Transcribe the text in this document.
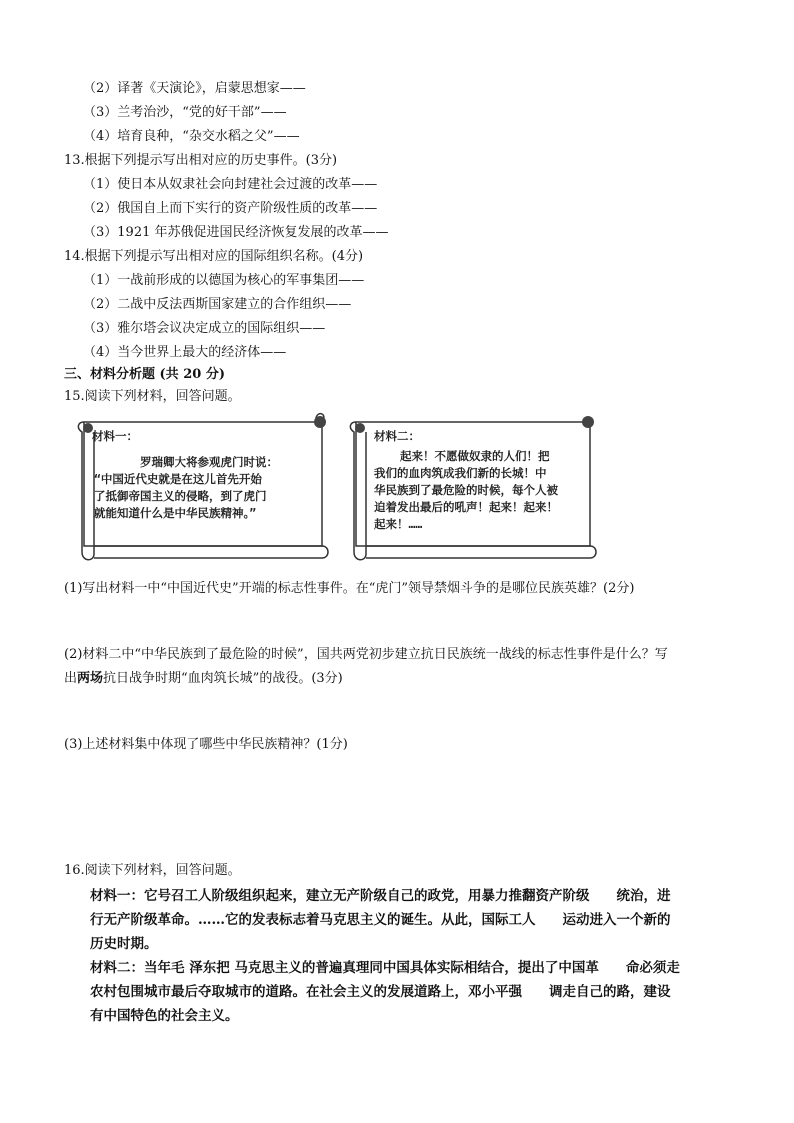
（2）译著《天演论》，启蒙思想家——
（3）兰考治沙，“党的好干部”——
（4）培育良种，“杂交水稻之父”——
13.根据下列提示写出相对应的历史事件。(3分)
（1）使日本从奴隶社会向封建社会过渡的改革——
（2）俄国自上而下实行的资产阶级性质的改革——
（3）1921 年苏俄促进国民经济恢复发展的改革——
14.根据下列提示写出相对应的国际组织名称。(4分)
（1）一战前形成的以德国为核心的军事集团——
（2）二战中反法西斯国家建立的合作组织——
（3）雅尔塔会议决定成立的国际组织——
（4）当今世界上最大的经济体——
三、材料分析题 (共 20 分)
15.阅读下列材料，回答问题。
材料一：
罗瑞卿大将参观虎门时说：
“中国近代史就是在这儿首先开始
了抵御帝国主义的侵略，到了虎门
就能知道什么是中华民族精神。”
材料二：
起来！不愿做奴隶的人们！把
我们的血肉筑成我们新的长城！中
华民族到了最危险的时候，每个人被
迫着发出最后的吼声！起来！起来！
起来！……
(1)写出材料一中“中国近代史”开端的标志性事件。在“虎门”领导禁烟斗争的是哪位民族英雄？(2分)
(2)材料二中“中华民族到了最危险的时候”，国共两党初步建立抗日民族统一战线的标志性事件是什么？写
出两场抗日战争时期“血肉筑长城”的战役。(3分)
(3)上述材料集中体现了哪些中华民族精神？(1分)
16.阅读下列材料，回答问题。
材料一：它号召工人阶级组织起来，建立无产阶级自己的政党，用暴力推翻资产阶级　　统治，进
行无产阶级革命。……它的发表标志着马克思主义的诞生。从此，国际工人　　运动进入一个新的
历史时期。
材料二：当年毛 泽东把 马克思主义的普遍真理同中国具体实际相结合，提出了中国革　　命必须走
农村包围城市最后夺取城市的道路。在社会主义的发展道路上，邓小平强　　调走自己的路，建设
有中国特色的社会主义。
